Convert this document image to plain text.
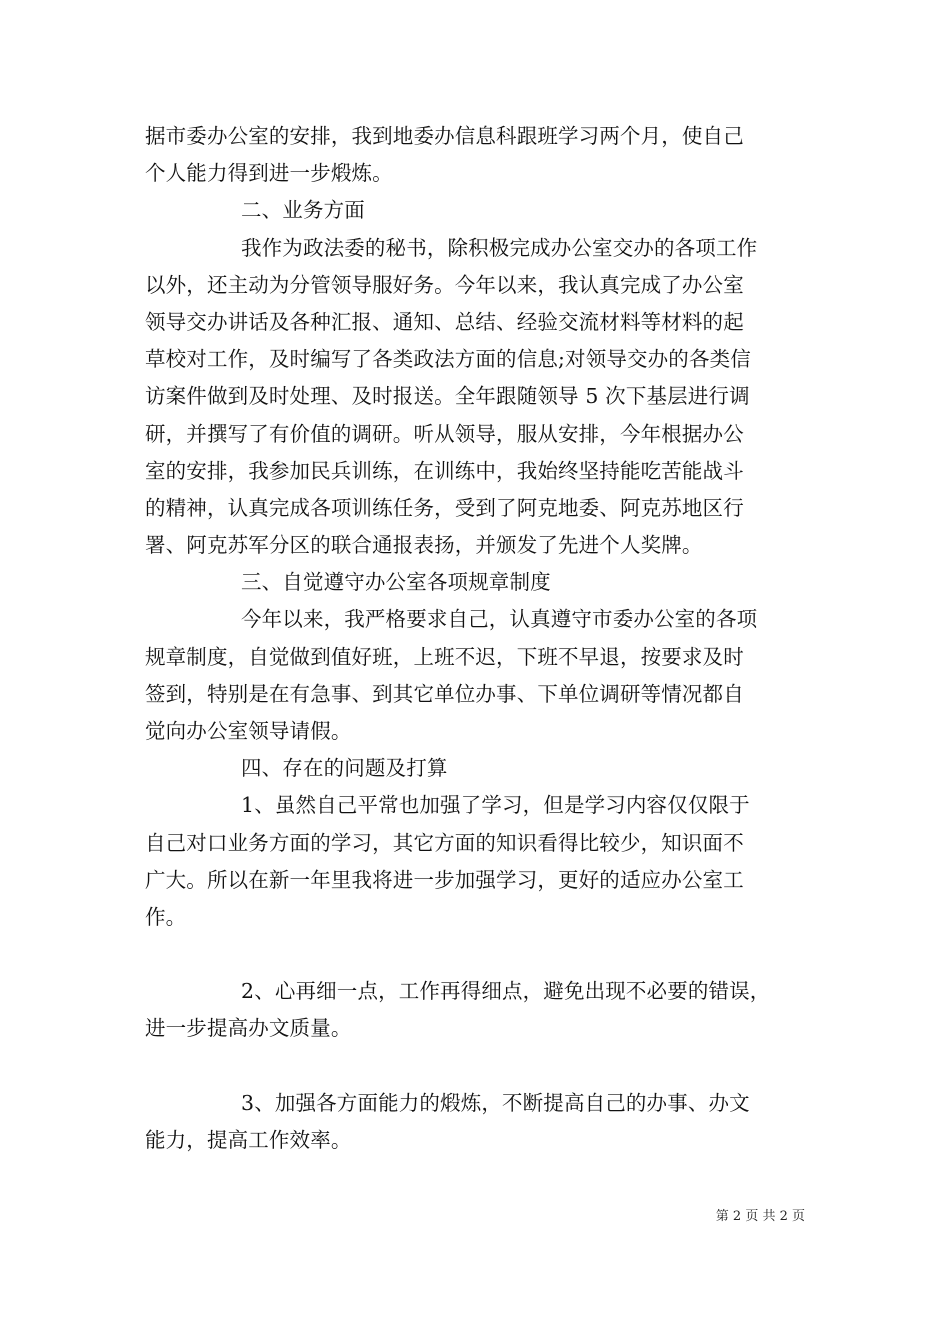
据市委办公室的安排，我到地委办信息科跟班学习两个月，使自己
个人能力得到进一步煅炼。
二、业务方面
我作为政法委的秘书，除积极完成办公室交办的各项工作
以外，还主动为分管领导服好务。今年以来，我认真完成了办公室
领导交办讲话及各种汇报、通知、总结、经验交流材料等材料的起
草校对工作，及时编写了各类政法方面的信息;对领导交办的各类信
访案件做到及时处理、及时报送。全年跟随领导 5 次下基层进行调
研，并撰写了有价值的调研。听从领导，服从安排，今年根据办公
室的安排，我参加民兵训练，在训练中，我始终坚持能吃苦能战斗
的精神，认真完成各项训练任务，受到了阿克地委、阿克苏地区行
署、阿克苏军分区的联合通报表扬，并颁发了先进个人奖牌。
三、自觉遵守办公室各项规章制度
今年以来，我严格要求自己，认真遵守市委办公室的各项
规章制度，自觉做到值好班，上班不迟，下班不早退，按要求及时
签到，特别是在有急事、到其它单位办事、下单位调研等情况都自
觉向办公室领导请假。
四、存在的问题及打算
1、虽然自己平常也加强了学习，但是学习内容仅仅限于
自己对口业务方面的学习，其它方面的知识看得比较少，知识面不
广大。所以在新一年里我将进一步加强学习，更好的适应办公室工
作。
2、心再细一点，工作再得细点，避免出现不必要的错误，
进一步提高办文质量。
3、加强各方面能力的煅炼，不断提高自己的办事、办文
能力，提高工作效率。
第 2 页 共 2 页
